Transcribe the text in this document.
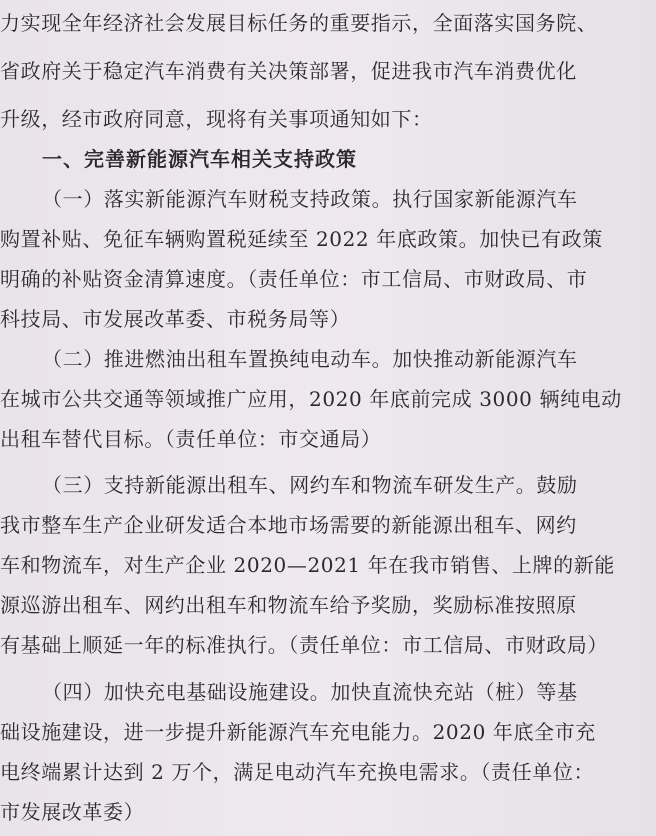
力实现全年经济社会发展目标任务的重要指示，全面落实国务院、
省政府关于稳定汽车消费有关决策部署，促进我市汽车消费优化
升级，经市政府同意，现将有关事项通知如下：
一、完善新能源汽车相关支持政策
（一）落实新能源汽车财税支持政策。执行国家新能源汽车
购置补贴、免征车辆购置税延续至 2022 年底政策。加快已有政策
明确的补贴资金清算速度。（责任单位：市工信局、市财政局、市
科技局、市发展改革委、市税务局等）
（二）推进燃油出租车置换纯电动车。加快推动新能源汽车
在城市公共交通等领域推广应用，2020 年底前完成 3000 辆纯电动
出租车替代目标。（责任单位：市交通局）
（三）支持新能源出租车、网约车和物流车研发生产。鼓励
我市整车生产企业研发适合本地市场需要的新能源出租车、网约
车和物流车，对生产企业 2020—2021 年在我市销售、上牌的新能
源巡游出租车、网约出租车和物流车给予奖励，奖励标准按照原
有基础上顺延一年的标准执行。（责任单位：市工信局、市财政局）
（四）加快充电基础设施建设。加快直流快充站（桩）等基
础设施建设，进一步提升新能源汽车充电能力。2020 年底全市充
电终端累计达到 2 万个，满足电动汽车充换电需求。（责任单位：
市发展改革委）
